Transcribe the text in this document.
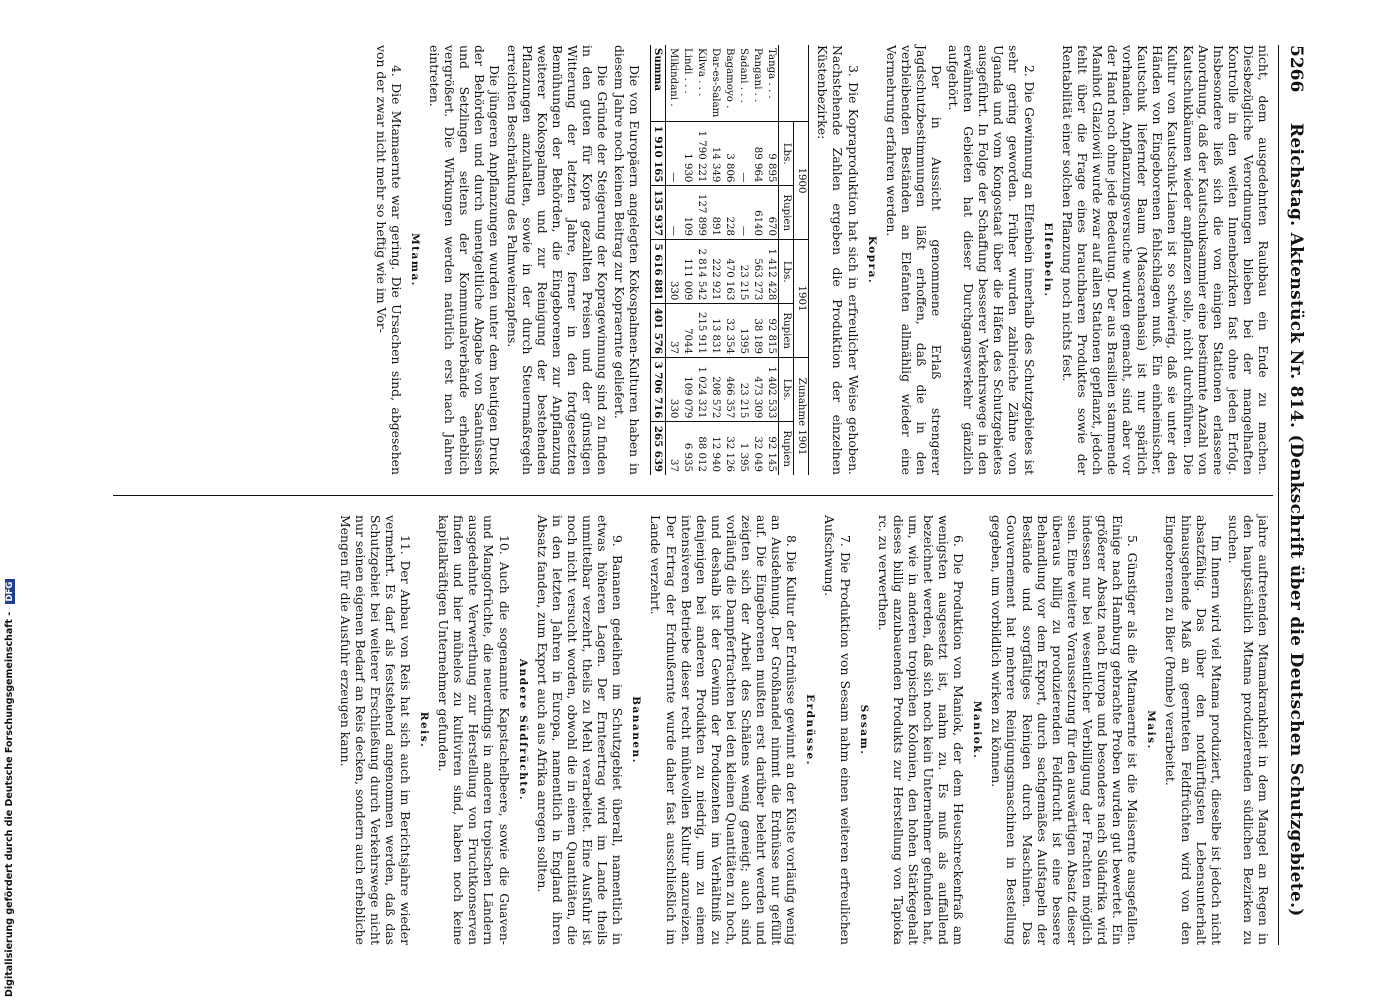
5266
Reichstag. Aktenstück Nr. 814. (Denkschrift über die Deutschen Schutzgebiete.)

nicht, dem ausgedehnten Raubbau ein Ende zu machen. Diesbezügliche Verordnungen blieben bei der mangelhaften Kontrolle in den weiten Innenbezirken fast ohne jeden Erfolg. Insbesondere ließ sich die von einigen Stationen erlassene Anordnung, daß der Kautschuksammler eine bestimmte Anzahl von Kautschukbäumen wieder anpflanzen solle, nicht durchführen. Die Kultur von Kautschuk-Lianen ist so schwierig, daß sie unter den Händen von Eingeborenen fehlschlagen muß. Ein einheimischer, Kautschuk liefernder Baum (Mascarenhasia) ist nur spärlich vorhanden. Anpflanzungsversuche wurden gemacht, sind aber vor der Hand noch ohne jede Bedeutung. Der aus Brasilien stammende Manihot Glaziowii wurde zwar auf allen Stationen gepflanzt, jedoch fehlt über die Frage eines brauchbaren Produktes sowie der Rentabilität einer solchen Pflanzung noch nichts fest.

Elfenbein.

2. Die Gewinnung an Elfenbein innerhalb des Schutzgebietes ist sehr gering geworden. Früher wurden zahlreiche Zähne von Uganda und vom Kongostaat über die Häfen des Schutzgebietes ausgeführt. In Folge der Schaffung besserer Verkehrswege in den erwähnten Gebieten hat dieser Durchgangsverkehr gänzlich aufgehört.

Der in Aussicht genommene Erlaß strengerer Jagdschutzbestimmungen läßt erhoffen, daß die in den verbleibenden Beständen an Elefanten allmählig wieder eine Vermehrung erfahren werden.

Kopra.

3. Die Kopraproduktion hat sich in erfreulicher Weise gehoben. Nachstehende Zahlen ergeben die Produktion der einzelnen Küstenbezirke:

	1900		1901		Zunahme 1901	
	Lbs.	Rupien	Lbs.	Rupien	Lbs.	Rupien
Tanga . . .	9 895	670	1 412 428	92 815	1 402 533	92 145
Pangani . .	89 964	6140	563 273	38 189	473 309	32 049
Sadani . . .	—	—	23 215	1395	23 215	1 395
Bagamoyo .	3 806	228	470 163	32 354	466 357	32 126
Dar-es-Salam	14 349	891	222 921	13 831	208 572	12 940
Kilwa . . .	1 790 221	127 899	2 814 542	215 911	1 024 321	88 012
Lindi . . .	1 930	109	111 009	7044	109 079	6 935
Mikindani .	—	—	330	37	330	37
Summa	1 910 165	135 937	5 616 881	401 576	3 706 716	265 639

Die von Europäern angelegten Kokospalmen-Kulturen haben in diesem Jahre noch keinen Beitrag zur Kopraernte geliefert.

Die Gründe der Steigerung der Kopragewinnung sind zu finden in den guten für Kopra gezahlten Preisen und der günstigen Witterung der letzten Jahre, ferner in den fortgesetzten Bemühungen der Behörden, die Eingeborenen zur Anpflanzung weiterer Kokospalmen und zur Reinigung der bestehenden Pflanzungen anzuhalten, sowie in der durch Steuermaßregeln erreichten Beschränkung des Palmweinzapfens.

Die jüngeren Anpflanzungen wurden unter dem heutigen Druck der Behörden und durch unentgeltliche Abgabe von Saatnüssen und Setzlingen seitens der Kommunalverbände erheblich vergrößert. Die Wirkungen werden natürlich erst nach Jahren eintreten.

Mtama.

4. Die Mtamaernte war gering. Die Ursachen sind, abgesehen von der zwar nicht mehr so heftig wie im Vor-

jahre auftretenden Mtamakrankheit in dem Mangel an Regen in den hauptsächlich Mtama produzierenden südlichen Bezirken zu suchen.

Im Innern wird viel Mtama produziert, dieselbe ist jedoch nicht absatzfähig. Das über den notdürftigsten Lebensunterhalt hinausgehende Maß an geernteten Feldfrüchten wird von den Eingeborenen zu Bier (Pombe) verarbeitet.

Mais.

5. Günstiger als die Mtamaernte ist die Maisernte ausgefallen. Einige nach Hamburg gebrachte Proben wurden gut bewertet. Ein größerer Absatz nach Europa und besonders nach Südafrika wird indessen nur bei wesentlicher Verbilligung der Frachten möglich sein. Eine weitere Voraussetzung für den auswärtigen Absatz dieser überaus billig zu produzierenden Feldfrucht ist eine bessere Behandlung vor dem Export, durch sachgemäßes Aufstapeln der Bestände und sorgfältiges Reinigen durch Maschinen. Das Gouvernement hat mehrere Reinigungsmaschinen in Bestellung gegeben, um vorbildlich wirken zu können.

Maniok.

6. Die Produktion von Maniok, der dem Heuschreckenfraß am wenigsten ausgesetzt ist, nahm zu. Es muß als auffallend bezeichnet werden, daß sich noch kein Unternehmer gefunden hat, um, wie in anderen tropischen Kolonien, den hohen Stärkegehalt dieses billig anzubauenden Produkts zur Herstellung von Tapioka rc. zu verwerthen.

Sesam.

7. Die Produktion von Sesam nahm einen weiteren erfreulichen Aufschwung.

Erdnüsse.

8. Die Kultur der Erdnüsse gewinnt an der Küste vorläufig wenig an Ausdehnung. Der Großhandel nimmt die Erdnüsse nur gefüllt auf. Die Eingeborenen mußten erst darüber belehrt werden und zeigten sich der Arbeit des Schälens wenig geneigt; auch sind vorläufig die Dampferfrachten bei den kleinen Quantitäten zu hoch, und deshalb ist der Gewinn der Produzenten im Verhältniß zu denjenigen bei anderen Produkten zu niedrig, um zu einem intensiveren Betriebe dieser recht mühevollen Kultur anzureizen. Der Ertrag der Erdnußernte wurde daher fast ausschließlich im Lande verzehrt.

Bananen.

9. Bananen gedeihen im Schutzgebiet überall, namentlich in etwas höheren Lagen. Der Ernteertrag wird im Lande theils unmittelbar verzehrt, theils zu Mehl verarbeitet. Eine Ausfuhr ist noch nicht versucht worden, obwohl die in einem Quantitäten, die in den letzten Jahren in Europa, namentlich in England ihren Absatz fanden, zum Export auch aus Afrika anregen sollten.

Andere Südfrüchte.

10. Auch die sogenannte Kapstachelbeere, sowie die Guaven- und Mangofrüchte, die neuerdings in anderen tropischen Ländern ausgedehnte Verwerthung zur Herstellung von Fruchtkonserven finden und hier mühelos zu kultiviren sind, haben noch keine kapitalkräftigen Unternehmer gefunden.

Reis.

11. Der Anbau von Reis hat sich auch im Berichtsjahre wieder vermehrt. Es darf als feststehend angenommen werden, daß das Schutzgebiet bei weiterer Erschließung durch Verkehrswege nicht nur seinen eigenen Bedarf an Reis decken, sondern auch erhebliche Mengen für die Ausfuhr erzeugen kann.

Digitalisierung gefördert durch die Deutsche Forschungsgemeinschaft - DFG
